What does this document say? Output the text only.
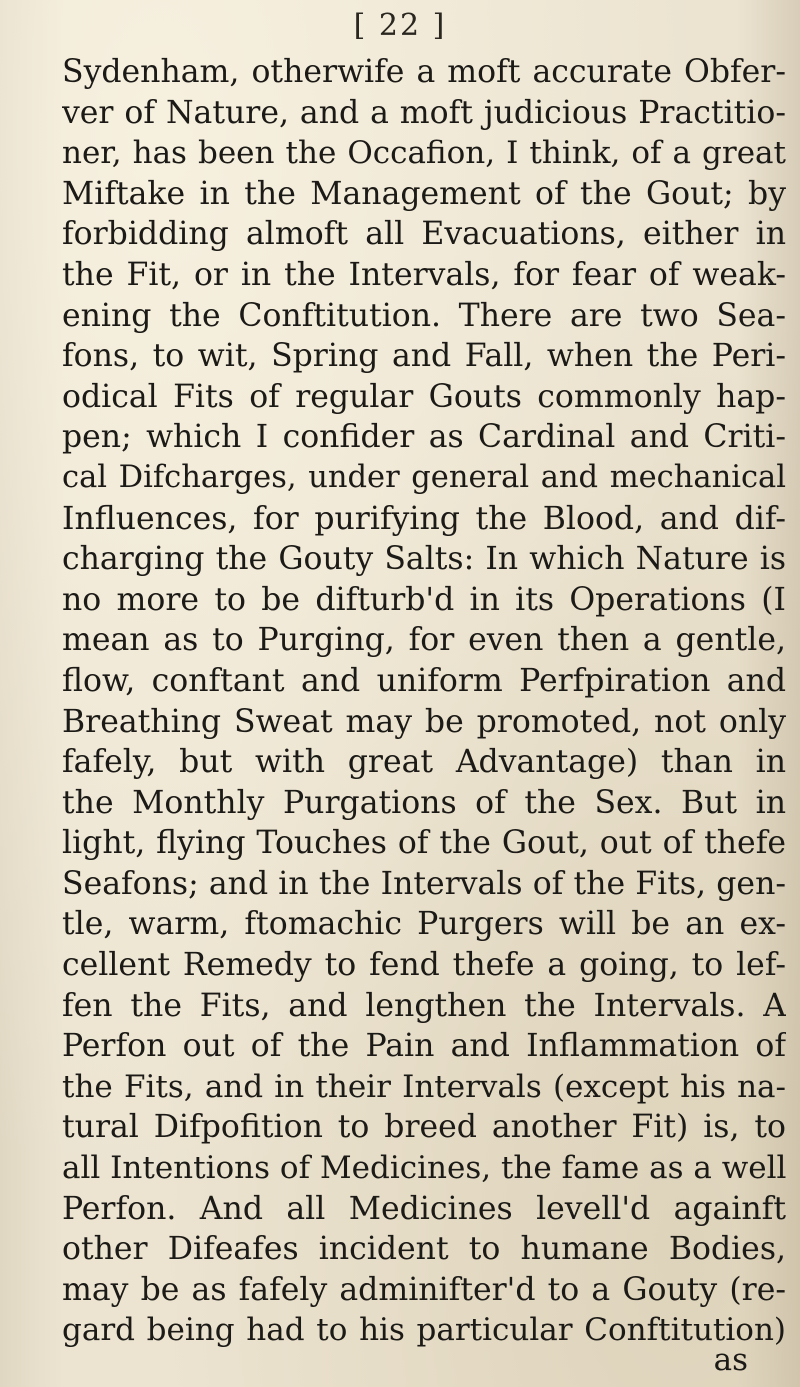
[ 22 ]
Sydenham, otherwife a moft accurate Obfer-
ver of Nature, and a moft judicious Practitio-
ner, has been the Occafion, I think, of a great
Miftake in the Management of the Gout; by
forbidding almoft all Evacuations, either in
the Fit, or in the Intervals, for fear of weak-
ening the Conftitution. There are two Sea-
fons, to wit, Spring and Fall, when the Peri-
odical Fits of regular Gouts commonly hap-
pen; which I confider as Cardinal and Criti-
cal Difcharges, under general and mechanical
Influences, for purifying the Blood, and dif-
charging the Gouty Salts: In which Nature is
no more to be difturb'd in its Operations (I
mean as to Purging, for even then a gentle,
flow, conftant and uniform Perfpiration and
Breathing Sweat may be promoted, not only
fafely, but with great Advantage) than in
the Monthly Purgations of the Sex. But in
light, flying Touches of the Gout, out of thefe
Seafons; and in the Intervals of the Fits, gen-
tle, warm, ftomachic Purgers will be an ex-
cellent Remedy to fend thefe a going, to lef-
fen the Fits, and lengthen the Intervals. A
Perfon out of the Pain and Inflammation of
the Fits, and in their Intervals (except his na-
tural Difpofition to breed another Fit) is, to
all Intentions of Medicines, the fame as a well
Perfon. And all Medicines levell'd againft
other Difeafes incident to humane Bodies,
may be as fafely adminifter'd to a Gouty (re-
gard being had to his particular Conftitution)
as
